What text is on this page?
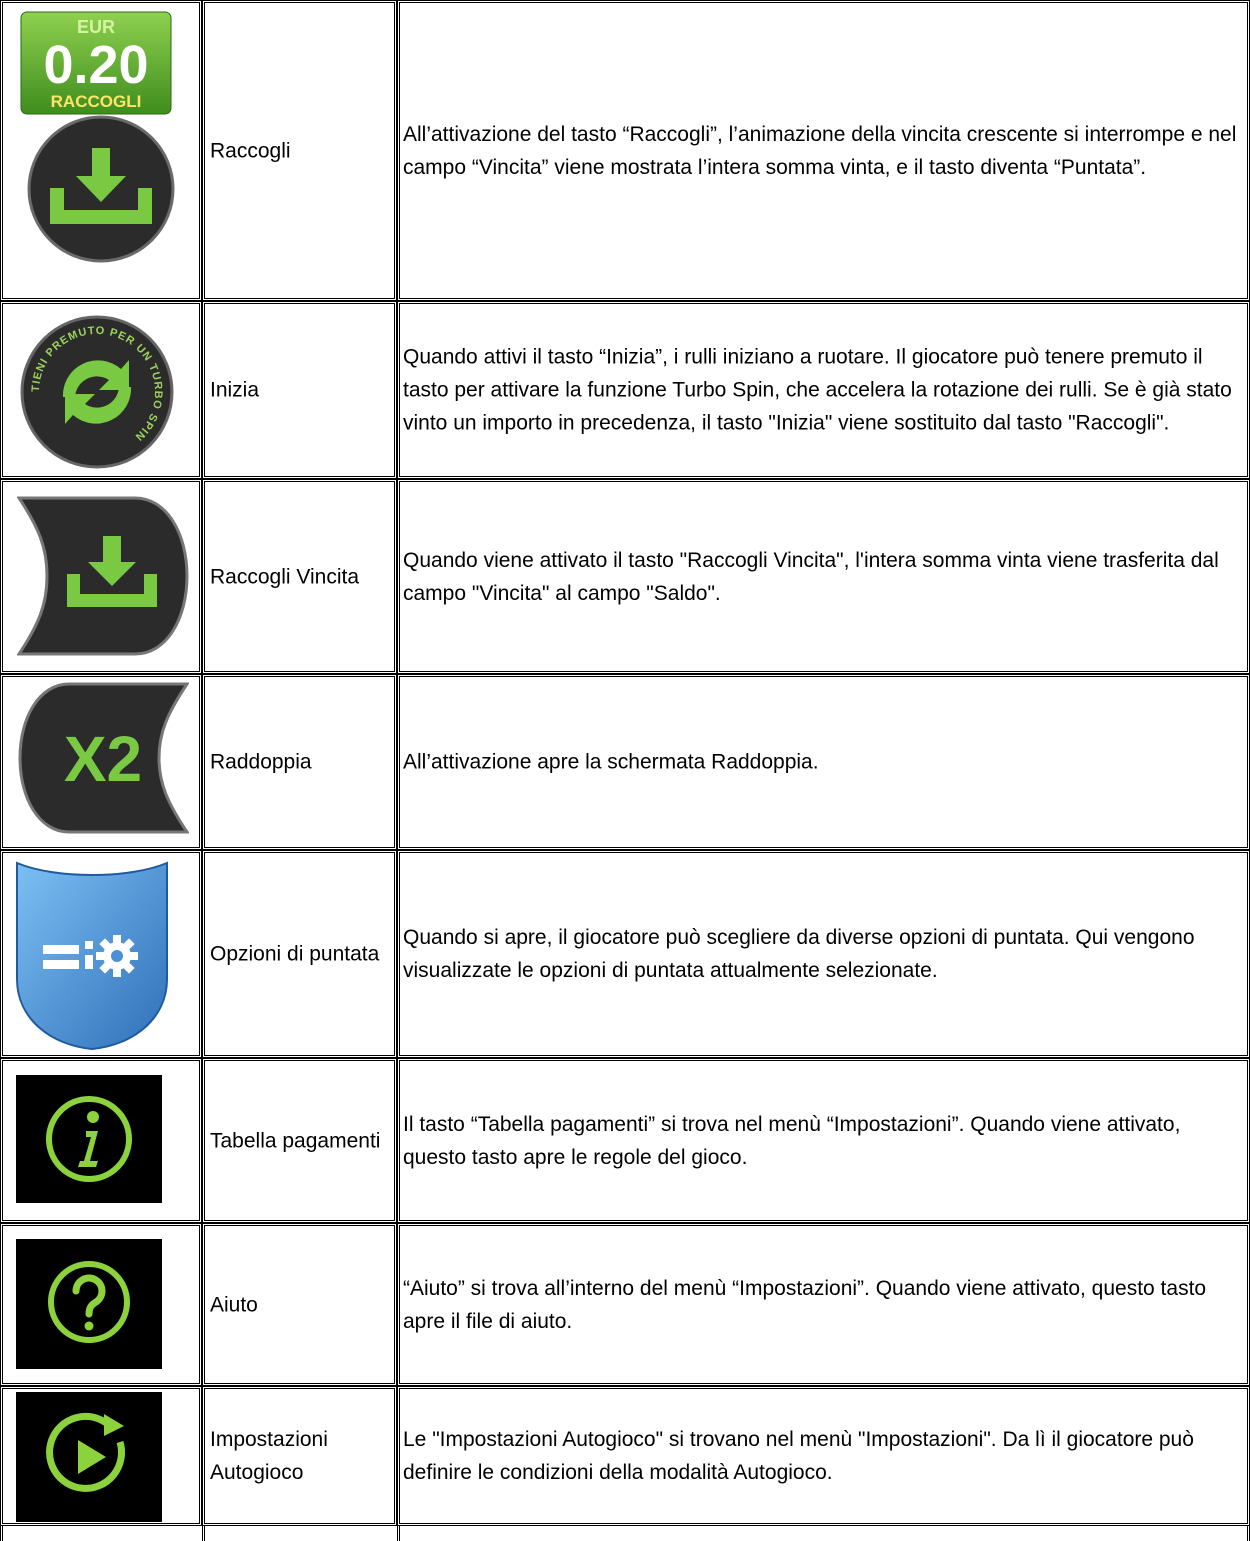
EUR
0.20
RACCOGLI
Raccogli
All’attivazione del tasto “Raccogli”, l’animazione della vincita crescente si interrompe e nel campo “Vincita” viene mostrata l’intera somma vinta, e il tasto diventa “Puntata”.
TIENI PREMUTO PER UN TURBO SPIN
Inizia
Quando attivi il tasto “Inizia”, i rulli iniziano a ruotare. Il giocatore può tenere premuto il tasto per attivare la funzione Turbo Spin, che accelera la rotazione dei rulli. Se è già stato vinto un importo in precedenza, il tasto "Inizia" viene sostituito dal tasto "Raccogli".
Raccogli Vincita
Quando viene attivato il tasto "Raccogli Vincita", l'intera somma vinta viene trasferita dal campo "Vincita" al campo "Saldo".
X2	Raddoppia	All’attivazione apre la schermata Raddoppia.
Opzioni di puntata
Quando si apre, il giocatore può scegliere da diverse opzioni di puntata. Qui vengono visualizzate le opzioni di puntata attualmente selezionate.
Tabella pagamenti
Il tasto “Tabella pagamenti” si trova nel menù “Impostazioni”. Quando viene attivato, questo tasto apre le regole del gioco.
Aiuto
“Aiuto” si trova all’interno del menù “Impostazioni”. Quando viene attivato, questo tasto apre il file di aiuto.
Impostazioni Autogioco
Le "Impostazioni Autogioco" si trovano nel menù "Impostazioni". Da lì il giocatore può definire le condizioni della modalità Autogioco.
